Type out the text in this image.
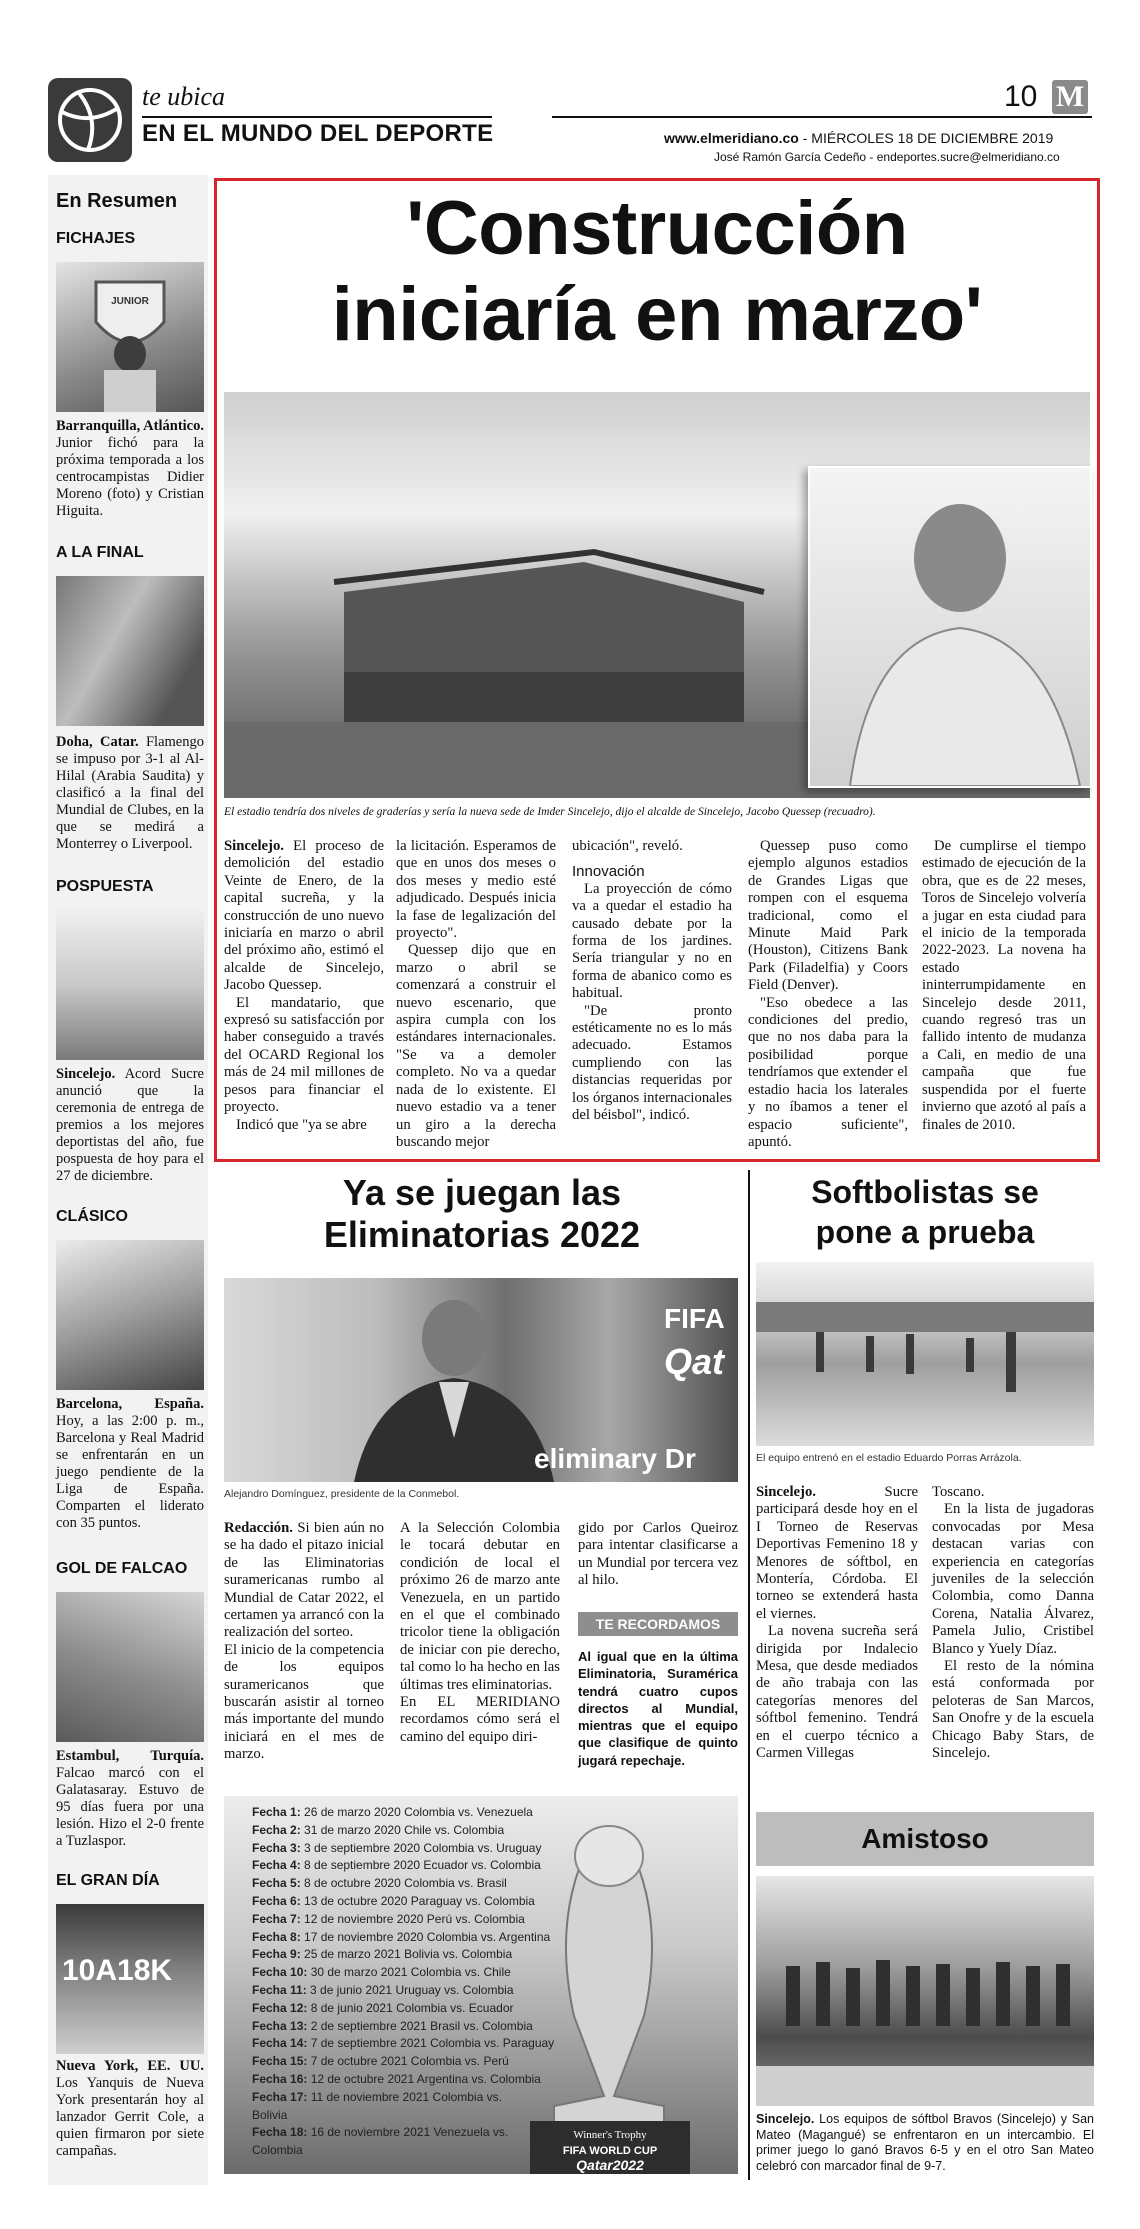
te ubica
EN EL MUNDO DEL DEPORTE
10 M
www.elmeridiano.co - MIÉRCOLES 18 DE DICIEMBRE 2019
José Ramón García Cedeño - endeportes.sucre@elmeridiano.co
En Resumen
FICHAJES
JUNIOR
Barranquilla, Atlántico. Junior fichó para la próxima temporada a los centrocampistas Didier Moreno (foto) y Cristian Higuita.
A LA FINAL
Doha, Catar. Flamengo se impuso por 3-1 al Al-Hilal (Arabia Saudita) y clasificó a la final del Mundial de Clubes, en la que se medirá a Monterrey o Liverpool.
POSPUESTA
Sincelejo. Acord Sucre anunció que la ceremonia de entrega de premios a los mejores deportistas del año, fue pospuesta de hoy para el 27 de diciembre.
CLÁSICO
Barcelona, España. Hoy, a las 2:00 p. m., Barcelona y Real Madrid se enfrentarán en un juego pendiente de la Liga de España. Comparten el liderato con 35 puntos.
GOL DE FALCAO
Estambul, Turquía. Falcao marcó con el Galatasaray. Estuvo de 95 días fuera por una lesión. Hizo el 2-0 frente a Tuzlaspor.
EL GRAN DÍA
10A18K
Nueva York, EE. UU. Los Yanquis de Nueva York presentarán hoy al lanzador Gerrit Cole, a quien firmaron por siete campañas.
'Construcción
iniciaría en marzo'
El estadio tendría dos niveles de graderías y sería la nueva sede de Imder Sincelejo, dijo el alcalde de Sincelejo, Jacobo Quessep (recuadro).

Sincelejo. El proceso de demolición del estadio Veinte de Enero, de la capital sucreña, y la construcción de uno nuevo iniciaría en marzo o abril del próximo año, estimó el alcalde de Sincelejo, Jacobo Quessep.

El mandatario, que expresó su satisfacción por haber conseguido a través del OCARD Regional los más de 24 mil millones de pesos para financiar el proyecto.

Indicó que "ya se abre

la licitación. Esperamos de que en unos dos meses o dos meses y medio esté adjudicado. Después inicia la fase de legalización del proyecto".

Quessep dijo que en marzo o abril se comenzará a construir el nuevo escenario, que aspira cumpla con los estándares internacionales. "Se va a demoler completo. No va a quedar nada de lo existente. El nuevo estadio va a tener un giro a la derecha buscando mejor

ubicación", reveló.

Innovación

La proyección de cómo va a quedar el estadio ha causado debate por la forma de los jardines. Sería triangular y no en forma de abanico como es habitual.

"De pronto estéticamente no es lo más adecuado. Estamos cumpliendo con las distancias requeridas por los órganos internacionales del béisbol", indicó.

Quessep puso como ejemplo algunos estadios de Grandes Ligas que rompen con el esquema tradicional, como el Minute Maid Park (Houston), Citizens Bank Park (Filadelfia) y Coors Field (Denver).

"Eso obedece a las condiciones del predio, que no nos daba para la posibilidad porque tendríamos que extender el estadio hacia los laterales y no íbamos a tener el espacio suficiente", apuntó.

De cumplirse el tiempo estimado de ejecución de la obra, que es de 22 meses, Toros de Sincelejo volvería a jugar en esta ciudad para el inicio de la temporada 2022-2023. La novena ha estado ininterrumpidamente en Sincelejo desde 2011, cuando regresó tras un fallido intento de mudanza a Cali, en medio de una campaña que fue suspendida por el fuerte invierno que azotó al país a finales de 2010.

Ya se juegan las
Eliminatorias 2022
FIFA
Qat
eliminary Dr
Alejandro Domínguez, presidente de la Conmebol.

Redacción. Si bien aún no se ha dado el pitazo inicial de las Eliminatorias suramericanas rumbo al Mundial de Catar 2022, el certamen ya arrancó con la realización del sorteo.

El inicio de la competencia de los equipos suramericanos que buscarán asistir al torneo más importante del mundo iniciará en el mes de marzo.

A la Selección Colombia le tocará debutar en condición de local el próximo 26 de marzo ante Venezuela, en un partido en el que el combinado tricolor tiene la obligación de iniciar con pie derecho, tal como lo ha hecho en las últimas tres eliminatorias.

En EL MERIDIANO recordamos cómo será el camino del equipo diri-

gido por Carlos Queiroz para intentar clasificarse a un Mundial por tercera vez al hilo.

TE RECORDAMOS
Al igual que en la última Eliminatoria, Suramérica tendrá cuatro cupos directos al Mundial, mientras que el equipo que clasifique de quinto jugará repechaje.
Winner's Trophy
FIFA WORLD CUP
Qatar2022
Fecha 1: 26 de marzo 2020 Colombia vs. Venezuela
Fecha 2: 31 de marzo 2020 Chile vs. Colombia
Fecha 3: 3 de septiembre 2020 Colombia vs. Uruguay
Fecha 4: 8 de septiembre 2020 Ecuador vs. Colombia
Fecha 5: 8 de octubre 2020 Colombia vs. Brasil
Fecha 6: 13 de octubre 2020 Paraguay vs. Colombia
Fecha 7: 12 de noviembre 2020 Perú vs. Colombia
Fecha 8: 17 de noviembre 2020 Colombia vs. Argentina
Fecha 9: 25 de marzo 2021 Bolivia vs. Colombia
Fecha 10: 30 de marzo 2021 Colombia vs. Chile
Fecha 11: 3 de junio 2021 Uruguay vs. Colombia
Fecha 12: 8 de junio 2021 Colombia vs. Ecuador
Fecha 13: 2 de septiembre 2021 Brasil vs. Colombia
Fecha 14: 7 de septiembre 2021 Colombia vs. Paraguay
Fecha 15: 7 de octubre 2021 Colombia vs. Perú
Fecha 16: 12 de octubre 2021 Argentina vs. Colombia
Fecha 17: 11 de noviembre 2021 Colombia vs.
Bolivia
Fecha 18: 16 de noviembre 2021 Venezuela vs.
Colombia
Softbolistas se
pone a prueba
El equipo entrenó en el estadio Eduardo Porras Arrázola.

Sincelejo. Sucre participará desde hoy en el I Torneo de Reservas Deportivas Femenino 18 y Menores de sóftbol, en Montería, Córdoba. El torneo se extenderá hasta el viernes.

La novena sucreña será dirigida por Indalecio Mesa, que desde mediados de año trabaja con las categorías menores del sóftbol femenino. Tendrá en el cuerpo técnico a Carmen Villegas

Toscano.

En la lista de jugadoras convocadas por Mesa destacan varias con experiencia en categorías juveniles de la selección Colombia, como Danna Corena, Natalia Álvarez, Pamela Julio, Cristibel Blanco y Yuely Díaz.

El resto de la nómina está conformada por peloteras de San Marcos, San Onofre y de la escuela Chicago Baby Stars, de Sincelejo.

Amistoso
Sincelejo. Los equipos de sóftbol Bravos (Sincelejo) y San Mateo (Magangué) se enfrentaron en un intercambio. El primer juego lo ganó Bravos 6-5 y en el otro San Mateo celebró con marcador final de 9-7.
